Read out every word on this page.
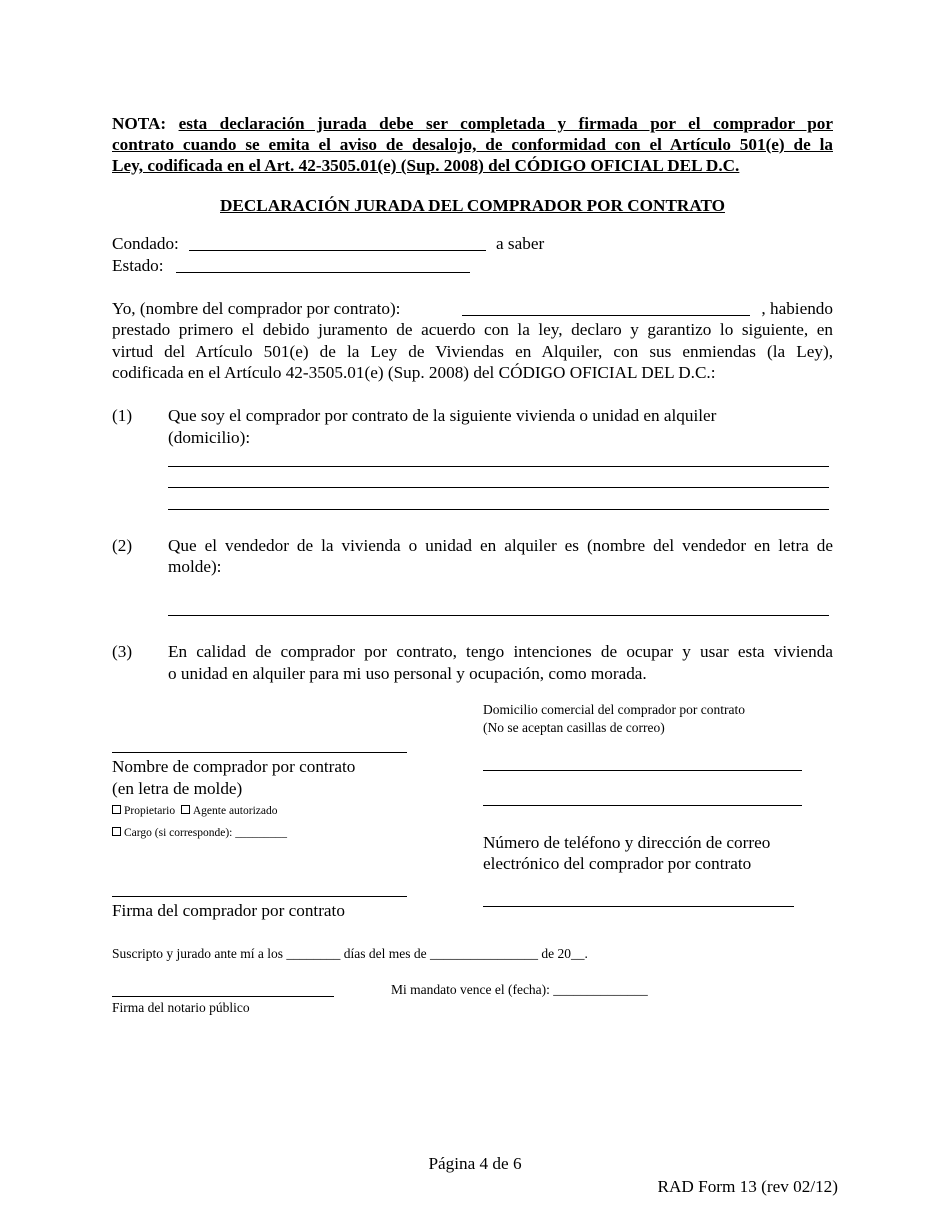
NOTA: esta declaración jurada debe ser completada y firmada por el comprador por
contrato cuando se emita el aviso de desalojo, de conformidad con el Artículo 501(e) de la
Ley, codificada en el Art. 42-3505.01(e) (Sup. 2008) del CÓDIGO OFICIAL DEL D.C.
DECLARACIÓN JURADA DEL COMPRADOR POR CONTRATO
Condado:	a saber
Estado:
Yo, (nombre del comprador por contrato):	, habiendo
prestado primero el debido juramento de acuerdo con la ley, declaro y garantizo lo siguiente, en
virtud del Artículo 501(e) de la Ley de Viviendas en Alquiler, con sus enmiendas (la Ley),
codificada en el Artículo 42-3505.01(e) (Sup. 2008) del CÓDIGO OFICIAL DEL D.C.:
(1) Que soy el comprador por contrato de la siguiente vivienda o unidad en alquiler
(domicilio):
(2) Que el vendedor de la vivienda o unidad en alquiler es (nombre del vendedor en letra de
molde):
(3) En calidad de comprador por contrato, tengo intenciones de ocupar y usar esta vivienda
o unidad en alquiler para mi uso personal y ocupación, como morada.
Domicilio comercial del comprador por contrato
(No se aceptan casillas de correo)
Número de teléfono y dirección de correo
electrónico del comprador por contrato
Nombre de comprador por contrato
(en letra de molde)
Propietario Agente autorizado
Cargo (si corresponde): _________
Firma del comprador por contrato
Suscripto y jurado ante mí a los ________ días del mes de ________________ de 20__.
Mi mandato vence el (fecha): ______________
Firma del notario público
Página 4 de 6
RAD Form 13 (rev 02/12)
